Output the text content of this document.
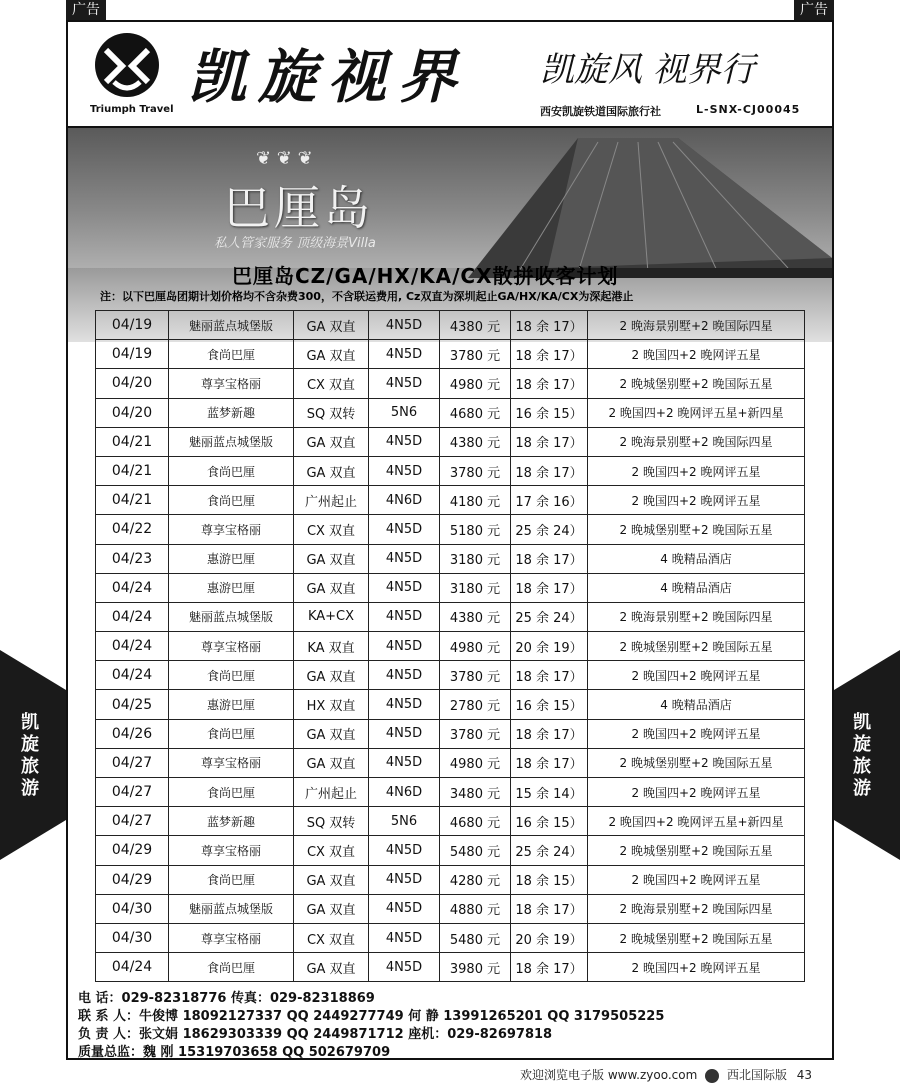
广告	广告
Triumph Travel 凯旋视界 凯旋风 视界行
西安凯旋铁道国际旅行社	L-SNX-CJ00045
❦ ❦ ❦
巴厘岛
私人管家服务 顶级海景Villa
巴厘岛CZ/GA/HX/KA/CX散拼收客计划
注：以下巴厘岛团期计划价格均不含杂费300，不含联运费用, Cz双直为深圳起止GA/HX/KA/CX为深起港止
04/19	魅丽蓝点城堡版	GA 双直	4N5D	4380 元	18 余 17）	2 晚海景别墅+2 晚国际四星
04/19	食尚巴厘	GA 双直	4N5D	3780 元	18 余 17）	2 晚国四+2 晚网评五星
04/20	尊享宝格丽	CX 双直	4N5D	4980 元	18 余 17）	2 晚城堡别墅+2 晚国际五星
04/20	蓝梦新趣	SQ 双转	5N6	4680 元	16 余 15）	2 晚国四+2 晚网评五星+新四星
04/21	魅丽蓝点城堡版	GA 双直	4N5D	4380 元	18 余 17）	2 晚海景别墅+2 晚国际四星
04/21	食尚巴厘	GA 双直	4N5D	3780 元	18 余 17）	2 晚国四+2 晚网评五星
04/21	食尚巴厘	广州起止	4N6D	4180 元	17 余 16）	2 晚国四+2 晚网评五星
04/22	尊享宝格丽	CX 双直	4N5D	5180 元	25 余 24）	2 晚城堡别墅+2 晚国际五星
04/23	惠游巴厘	GA 双直	4N5D	3180 元	18 余 17）	4 晚精品酒店
04/24	惠游巴厘	GA 双直	4N5D	3180 元	18 余 17）	4 晚精品酒店
04/24	魅丽蓝点城堡版	KA+CX	4N5D	4380 元	25 余 24）	2 晚海景别墅+2 晚国际四星
04/24	尊享宝格丽	KA 双直	4N5D	4980 元	20 余 19）	2 晚城堡别墅+2 晚国际五星
04/24	食尚巴厘	GA 双直	4N5D	3780 元	18 余 17）	2 晚国四+2 晚网评五星
04/25	惠游巴厘	HX 双直	4N5D	2780 元	16 余 15）	4 晚精品酒店
04/26	食尚巴厘	GA 双直	4N5D	3780 元	18 余 17）	2 晚国四+2 晚网评五星
04/27	尊享宝格丽	GA 双直	4N5D	4980 元	18 余 17）	2 晚城堡别墅+2 晚国际五星
04/27	食尚巴厘	广州起止	4N6D	3480 元	15 余 14）	2 晚国四+2 晚网评五星
04/27	蓝梦新趣	SQ 双转	5N6	4680 元	16 余 15）	2 晚国四+2 晚网评五星+新四星
04/29	尊享宝格丽	CX 双直	4N5D	5480 元	25 余 24）	2 晚城堡别墅+2 晚国际五星
04/29	食尚巴厘	GA 双直	4N5D	4280 元	18 余 15）	2 晚国四+2 晚网评五星
04/30	魅丽蓝点城堡版	GA 双直	4N5D	4880 元	18 余 17）	2 晚海景别墅+2 晚国际四星
04/30	尊享宝格丽	CX 双直	4N5D	5480 元	20 余 19）	2 晚城堡别墅+2 晚国际五星
04/24	食尚巴厘	GA 双直	4N5D	3980 元	18 余 17）	2 晚国四+2 晚网评五星
电 话：029-82318776 传真：029-82318869
联 系 人：牛俊博 18092127337 QQ 2449277749 何 静 13991265201 QQ 3179505225
负 责 人：张文娟 18629303339 QQ 2449871712 座机：029-82697818
质量总监：魏 刚 15319703658 QQ 502679709
欢迎浏览电子版 www.zyoo.com 西北国际版 43
凯
旋
旅
游
凯
旋
旅
游
